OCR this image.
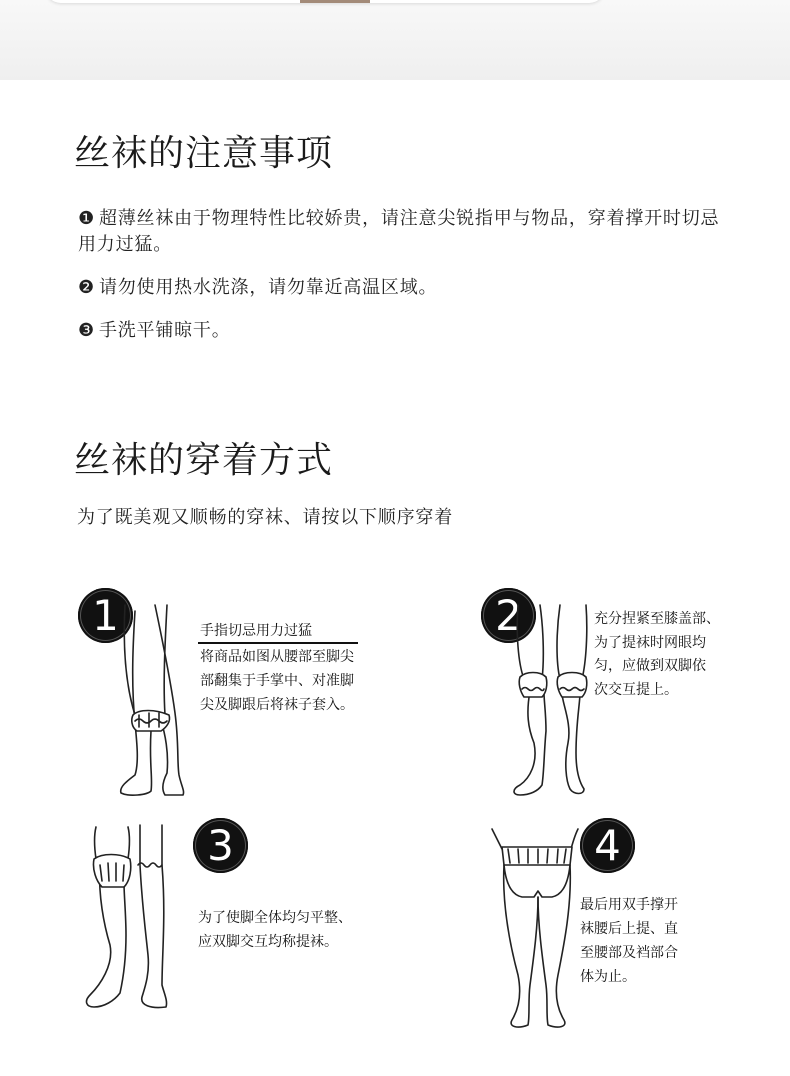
丝袜的注意事项
❶ 超薄丝袜由于物理特性比较娇贵，请注意尖锐指甲与物品，穿着撑开时切忌用力过猛。
❷ 请勿使用热水洗涤，请勿靠近高温区域。
❸ 手洗平铺晾干。
丝袜的穿着方式
为了既美观又顺畅的穿袜、请按以下顺序穿着
1	手指切忌用力过猛
将商品如图从腰部至脚尖
部翻集于手掌中、对准脚
尖及脚跟后将袜子套入。
2	充分捏紧至膝盖部、
为了提袜时网眼均
匀，应做到双脚依
次交互提上。
3
为了使脚全体均匀平整、
应双脚交互均称提袜。
4
最后用双手撑开
袜腰后上提、直
至腰部及裆部合
体为止。
